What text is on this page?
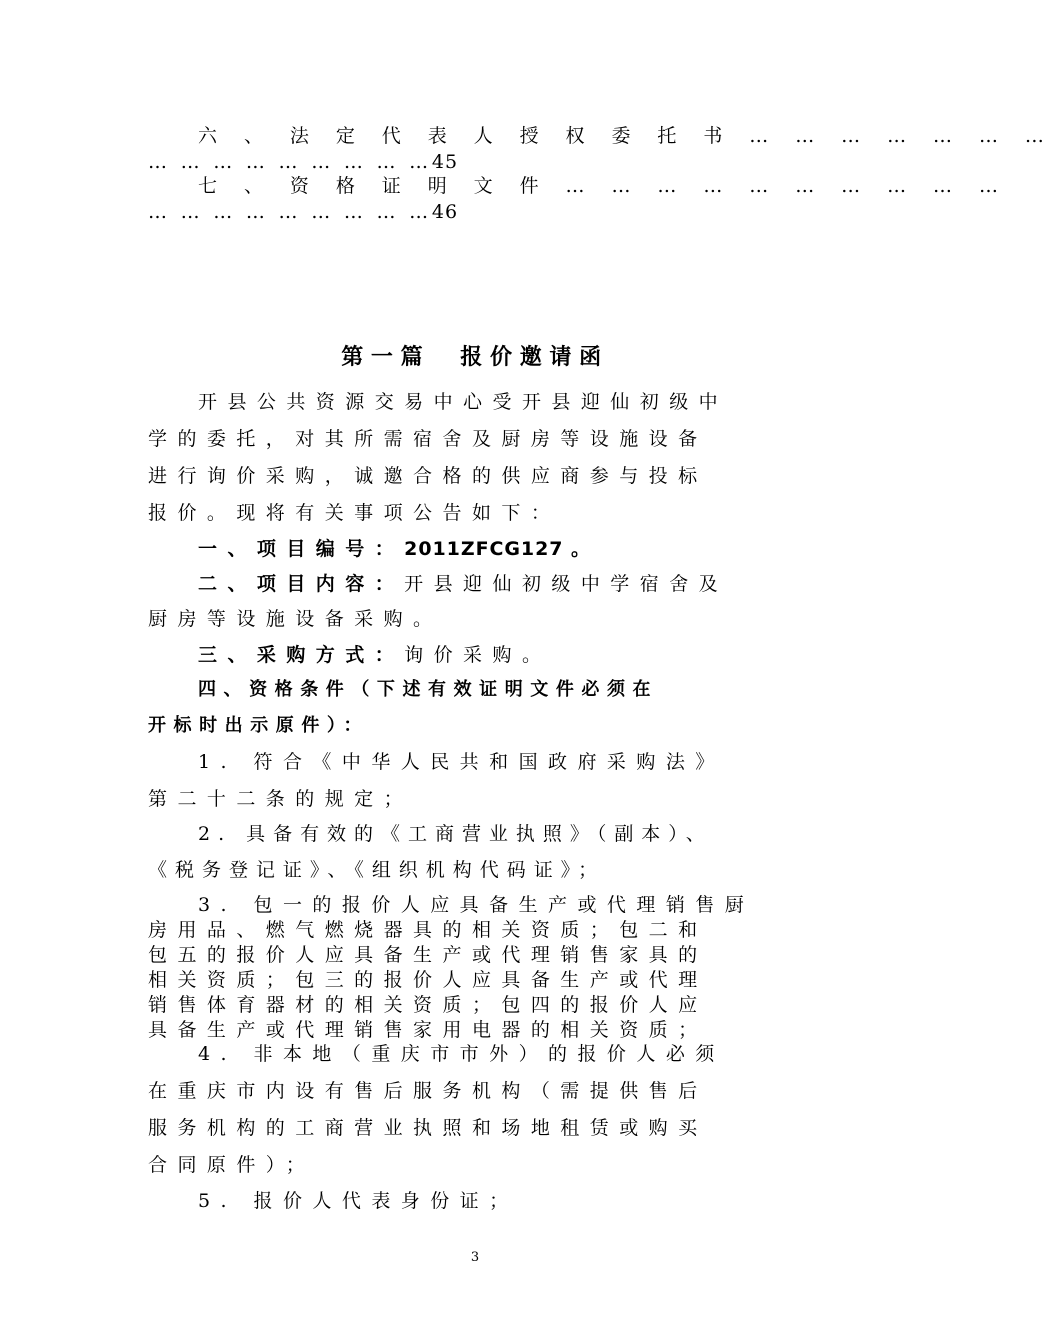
六 、 法 定 代 表 人 授 权 委 托 书 … … … … … … …
… … … … … … … … …45
七 、 资 格 证 明 文 件 … … … … … … … … … …
… … … … … … … … …46
第一篇 报价邀请函
开县公共资源交易中心受开县迎仙初级中
学的委托，对其所需宿舍及厨房等设施设备
进行询价采购，诚邀合格的供应商参与投标
报价。现将有关事项公告如下：
一、项目编号：2011ZFCG127 。
二、项目内容：开县迎仙初级中学宿舍及
厨房等设施设备采购。
三、采购方式：询价采购。
四、资格条件（下述有效证明文件必须在
开标时出示原件）：
1. 符合《中华人民共和国政府采购法》
第二十二条的规定；
2. 具备有效的《工商营业执照》（副本）、
《税务登记证》、《组织机构代码证》；
3. 包一的报价人应具备生产或代理销售厨
房用品、燃气燃烧器具的相关资质；包二和
包五的报价人应具备生产或代理销售家具的
相关资质；包三的报价人应具备生产或代理
销售体育器材的相关资质；包四的报价人应
具备生产或代理销售家用电器的相关资质；
4. 非本地（重庆市市外）的报价人必须
在重庆市内设有售后服务机构（需提供售后
服务机构的工商营业执照和场地租赁或购买
合同原件）；
5. 报价人代表身份证；
3
